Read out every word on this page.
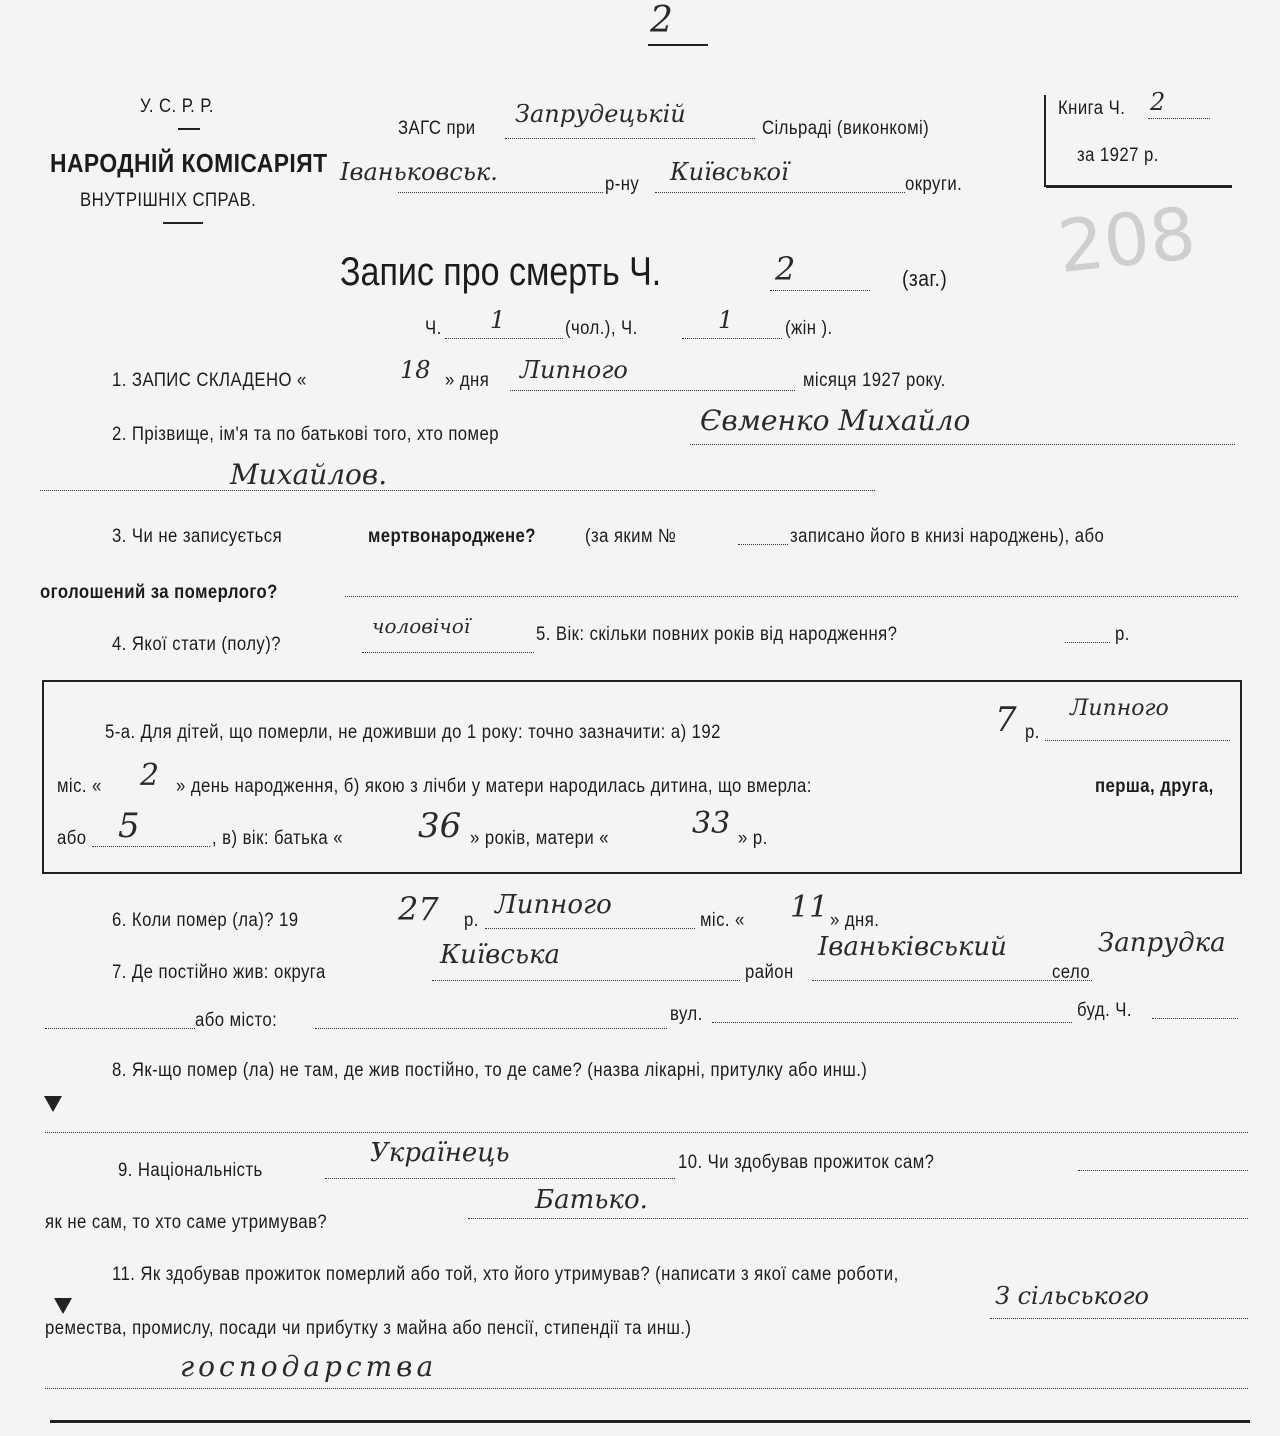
2
У. С. Р. Р.
НАРОДНІЙ КОМІСАРІЯТ
ВНУТРІШНІХ СПРАВ.
ЗАГС при
Запрудецькій
Сільраді (виконкомі)
Іваньковськ.	р-ну Київської	округи.
Книга Ч. 2
за 1927 р.
208
Запис про смерть Ч.	2	(заг.)
Ч. 1	(чол.), Ч.	1	(жін ).
1. ЗАПИС СКЛАДЕНО «	18 » дня Липного	місяця 1927 року.
2. Прізвище, ім'я та по батькові того, хто помер	Євменко Михайло
Михайлов.
3. Чи не записується	мертвонароджене?	(за яким №	записано його в книзі народжень), або
оголошений за померлого?
4. Якої стати (полу)?
чоловічої	5. Вік: скільки повних років від народження?	р.
5-а. Для дітей, що померли, не доживши до 1 року: точно зазначити: а) 192	7 р.
Липного
міс. « 2 » день народження, б) якою з лічби у матери народилась дитина, що вмерла:	перша, друга,
або 5	, в) вік: батька « 36 » років, матери «	33 » р.
6. Коли помер (ла)? 19	27 р.
Липного
міс. « 11 » дня.
7. Де постійно жив: округа
Київська
район
Іваньківський
село
Запрудка
або місто:	вул.	буд. Ч.
8. Як-що помер (ла) не там, де жив постійно, то де саме? (назва лікарні, притулку або инш.)
9. Національність
Українець	10. Чи здобував прожиток сам?
як не сам, то хто саме утримував?
Батько.
11. Як здобував прожиток померлий або той, хто його утримував? (написати з якої саме роботи,
ремества, промислу, посади чи прибутку з майна або пенсії, стипендії та инш.)
З сільського
господарства
